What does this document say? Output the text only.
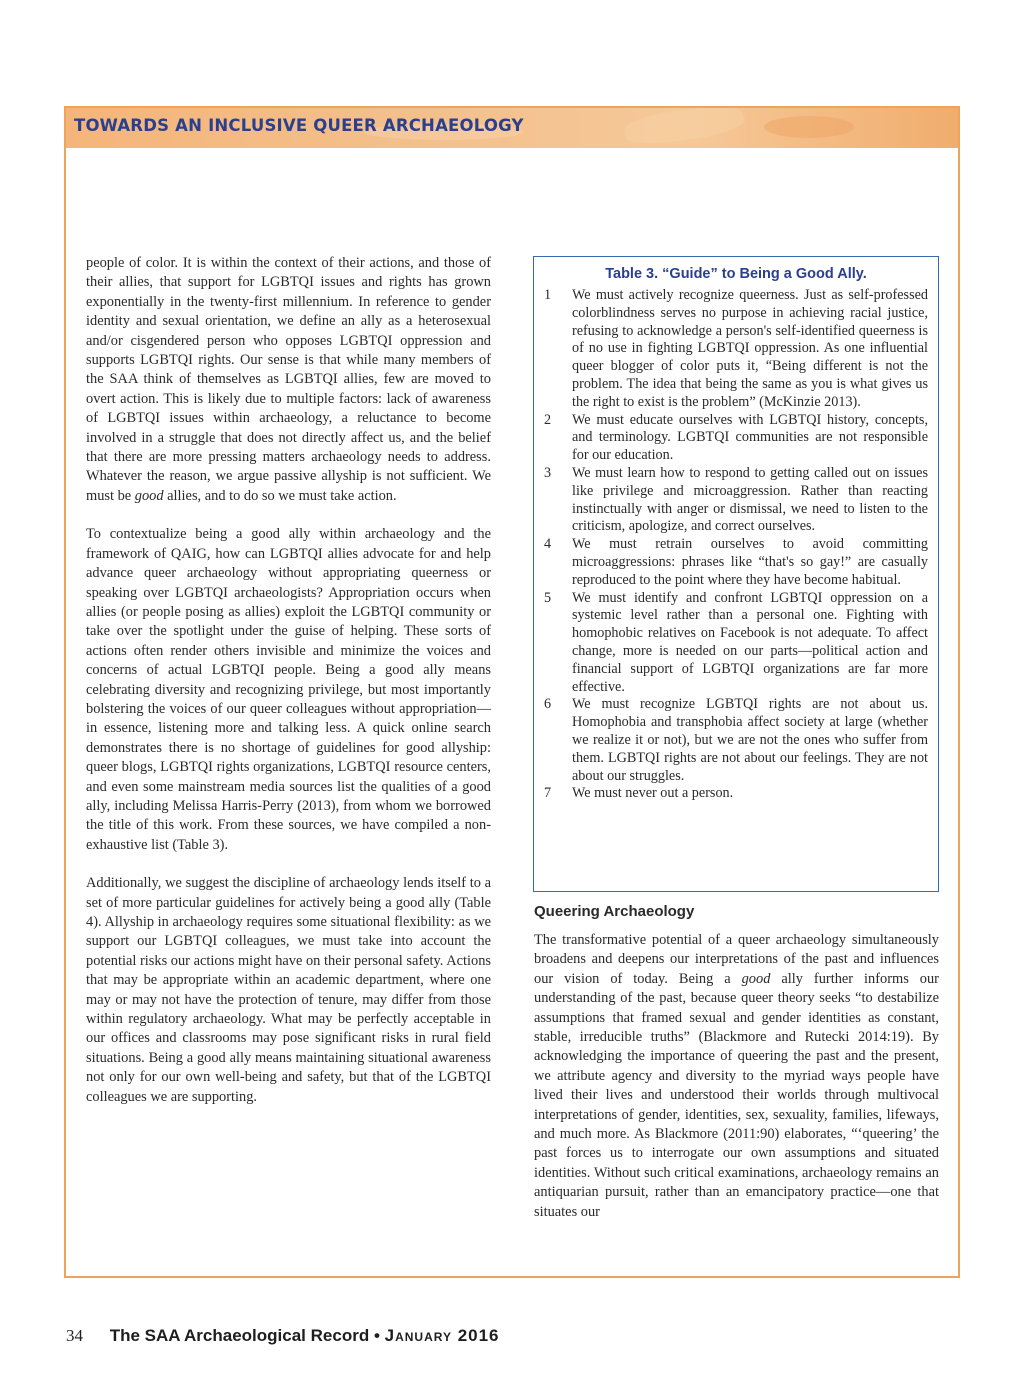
TOWARDS AN INCLUSIVE QUEER ARCHAEOLOGY

people of color. It is within the context of their actions, and those of their allies, that support for LGBTQI issues and rights has grown exponentially in the twenty-first millennium. In reference to gender identity and sexual orientation, we define an ally as a heterosexual and/or cisgendered person who opposes LGBTQI oppression and supports LGBTQI rights. Our sense is that while many members of the SAA think of themselves as LGBTQI allies, few are moved to overt action. This is likely due to multiple factors: lack of awareness of LGBTQI issues within archaeology, a reluctance to become involved in a struggle that does not directly affect us, and the belief that there are more pressing matters archaeology needs to address. Whatever the reason, we argue passive allyship is not sufficient. We must be good allies, and to do so we must take action.

To contextualize being a good ally within archaeology and the framework of QAIG, how can LGBTQI allies advocate for and help advance queer archaeology without appropriating queerness or speaking over LGBTQI archaeologists? Appropriation occurs when allies (or people posing as allies) exploit the LGBTQI community or take over the spotlight under the guise of helping. These sorts of actions often render others invisible and minimize the voices and concerns of actual LGBTQI people. Being a good ally means celebrating diversity and recognizing privilege, but most importantly bolstering the voices of our queer colleagues without appropriation—in essence, listening more and talking less. A quick online search demonstrates there is no shortage of guidelines for good allyship: queer blogs, LGBTQI rights organizations, LGBTQI resource centers, and even some mainstream media sources list the qualities of a good ally, including Melissa Harris-Perry (2013), from whom we borrowed the title of this work. From these sources, we have compiled a non-exhaustive list (Table 3).

Additionally, we suggest the discipline of archaeology lends itself to a set of more particular guidelines for actively being a good ally (Table 4). Allyship in archaeology requires some situational flexibility: as we support our LGBTQI colleagues, we must take into account the potential risks our actions might have on their personal safety. Actions that may be appropriate within an academic department, where one may or may not have the protection of tenure, may differ from those within regulatory archaeology. What may be perfectly acceptable in our offices and classrooms may pose significant risks in rural field situations. Being a good ally means maintaining situational awareness not only for our own well-being and safety, but that of the LGBTQI colleagues we are supporting.

Table 3. “Guide” to Being a Good Ally.
1	We must actively recognize queerness. Just as self-professed colorblindness serves no purpose in achieving racial justice, refusing to acknowledge a person's self-identified queerness is of no use in fighting LGBTQI oppression. As one influential queer blogger of color puts it, “Being different is not the problem. The idea that being the same as you is what gives us the right to exist is the problem” (McKinzie 2013).
2	We must educate ourselves with LGBTQI history, concepts, and terminology. LGBTQI communities are not responsible for our education.
3	We must learn how to respond to getting called out on issues like privilege and microaggression. Rather than reacting instinctually with anger or dismissal, we need to listen to the criticism, apologize, and correct ourselves.
4	We must retrain ourselves to avoid committing microaggressions: phrases like “that's so gay!” are casually reproduced to the point where they have become habitual.
5	We must identify and confront LGBTQI oppression on a systemic level rather than a personal one. Fighting with homophobic relatives on Facebook is not adequate. To affect change, more is needed on our parts—political action and financial support of LGBTQI organizations are far more effective.
6	We must recognize LGBTQI rights are not about us. Homophobia and transphobia affect society at large (whether we realize it or not), but we are not the ones who suffer from them. LGBTQI rights are not about our feelings. They are not about our struggles.
7	We must never out a person.
Queering Archaeology

The transformative potential of a queer archaeology simultaneously broadens and deepens our interpretations of the past and influences our vision of today. Being a good ally further informs our understanding of the past, because queer theory seeks “to destabilize assumptions that framed sexual and gender identities as constant, stable, irreducible truths” (Blackmore and Rutecki 2014:19). By acknowledging the importance of queering the past and the present, we attribute agency and diversity to the myriad ways people have lived their lives and understood their worlds through multivocal interpretations of gender, identities, sex, sexuality, families, lifeways, and much more. As Blackmore (2011:90) elaborates, “‘queering’ the past forces us to interrogate our own assumptions and situated identities. Without such critical examinations, archaeology remains an antiquarian pursuit, rather than an emancipatory practice—one that situates our

34 The SAA Archaeological Record • January 2016
